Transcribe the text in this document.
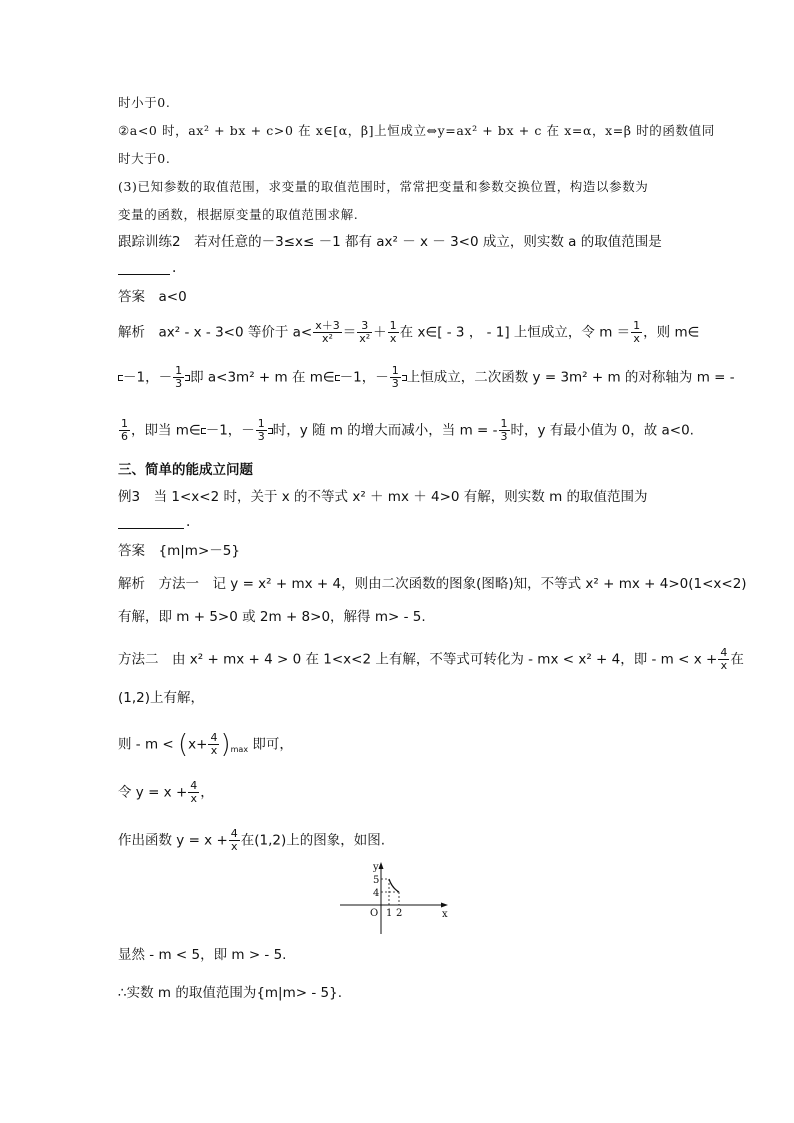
时小于0.
②a<0 时，ax² + bx + c>0 在 x∈[α，β]上恒成立⇔y=ax² + bx + c 在 x=α，x=β 时的函数值同
时大于0.
(3)已知参数的取值范围，求变量的取值范围时，常常把变量和参数交换位置，构造以参数为
变量的函数，根据原变量的取值范围求解.
跟踪训练2　若对任意的－3≤x≤ －1 都有 ax² － x － 3<0 成立，则实数 a 的取值范围是
.
答案　a<0
解析　ax² - x - 3<0 等价于 $a< \frac{x+3}{\text{x²}} = \frac{3}{\text{x²}} + \frac{1}{x}$ 在 x∈[ - 3 ， - 1] 上恒成立，令 $m = \frac{1}{x}$ ，则 m∈
－1，－ $\frac{1}{3}$ 即 a<3m² + m 在 m∈ －1，－ $\frac{1}{3}$ 上恒成立，二次函数 y = 3m² + m 的对称轴为 m = -
$\frac{1}{6}$ ，即当 m∈ －1，－ $\frac{1}{3}$ 时，y 随 m 的增大而减小，当 m = - $\frac{1}{3}$ 时，y 有最小值为 0，故 a<0.
三、简单的能成立问题
例3　当 1<x<2 时，关于 x 的不等式 x² ＋ mx ＋ 4>0 有解，则实数 m 的取值范围为
.
答案　{m|m>－5}
解析　方法一　记 y = x² + mx + 4，则由二次函数的图象(图略)知，不等式 x² + mx + 4>0(1<x<2)
有解，即 m + 5>0 或 2m + 8>0，解得 m> - 5.
方法二　由 x² + mx + 4 > 0 在 1<x<2 上有解，不等式可转化为 - mx < x² + 4，即 - $m < x + \frac{4}{x}$ 在
(1,2)上有解，
则 - $m < (x+ \frac{4}{x} )_{max}$ 即可，
令 $y = x + \frac{4}{x}$ ，
作出函数 $y = x + \frac{4}{x}$ 在(1,2)上的图象，如图.
y
x
O 1 2
4
5
显然 - m < 5，即 m > - 5.
∴实数 m 的取值范围为{m|m> - 5}.
